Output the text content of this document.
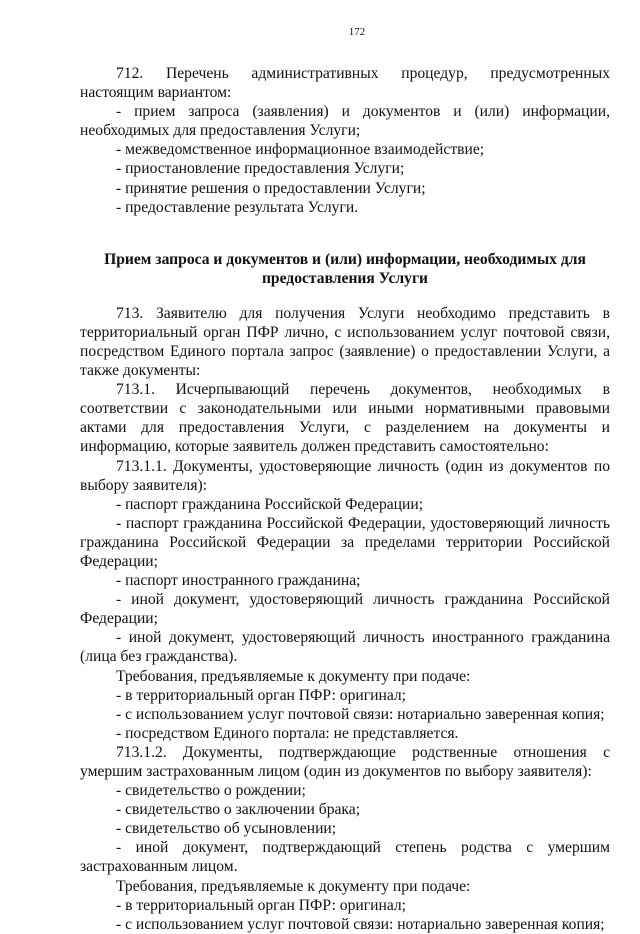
172

712. Перечень административных процедур, предусмотренных настоящим вариантом:

- прием запроса (заявления) и документов и (или) информации, необходимых для предоставления Услуги;

- межведомственное информационное взаимодействие;

- приостановление предоставления Услуги;

- принятие решения о предоставлении Услуги;

- предоставление результата Услуги.

Прием запроса и документов и (или) информации, необходимых для предоставления Услуги

713. Заявителю для получения Услуги необходимо представить в территориальный орган ПФР лично, с использованием услуг почтовой связи, посредством Единого портала запрос (заявление) о предоставлении Услуги, а также документы:

713.1. Исчерпывающий перечень документов, необходимых в соответствии с законодательными или иными нормативными правовыми актами для предоставления Услуги, с разделением на документы и информацию, которые заявитель должен представить самостоятельно:

713.1.1. Документы, удостоверяющие личность (один из документов по выбору заявителя):

- паспорт гражданина Российской Федерации;

- паспорт гражданина Российской Федерации, удостоверяющий личность гражданина Российской Федерации за пределами территории Российской Федерации;

- паспорт иностранного гражданина;

- иной документ, удостоверяющий личность гражданина Российской Федерации;

- иной документ, удостоверяющий личность иностранного гражданина (лица без гражданства).

Требования, предъявляемые к документу при подаче:

- в территориальный орган ПФР: оригинал;

- с использованием услуг почтовой связи: нотариально заверенная копия;

- посредством Единого портала: не представляется.

713.1.2. Документы, подтверждающие родственные отношения с умершим застрахованным лицом (один из документов по выбору заявителя):

- свидетельство о рождении;

- свидетельство о заключении брака;

- свидетельство об усыновлении;

- иной документ, подтверждающий степень родства с умершим застрахованным лицом.

Требования, предъявляемые к документу при подаче:

- в территориальный орган ПФР: оригинал;

- с использованием услуг почтовой связи: нотариально заверенная копия;
